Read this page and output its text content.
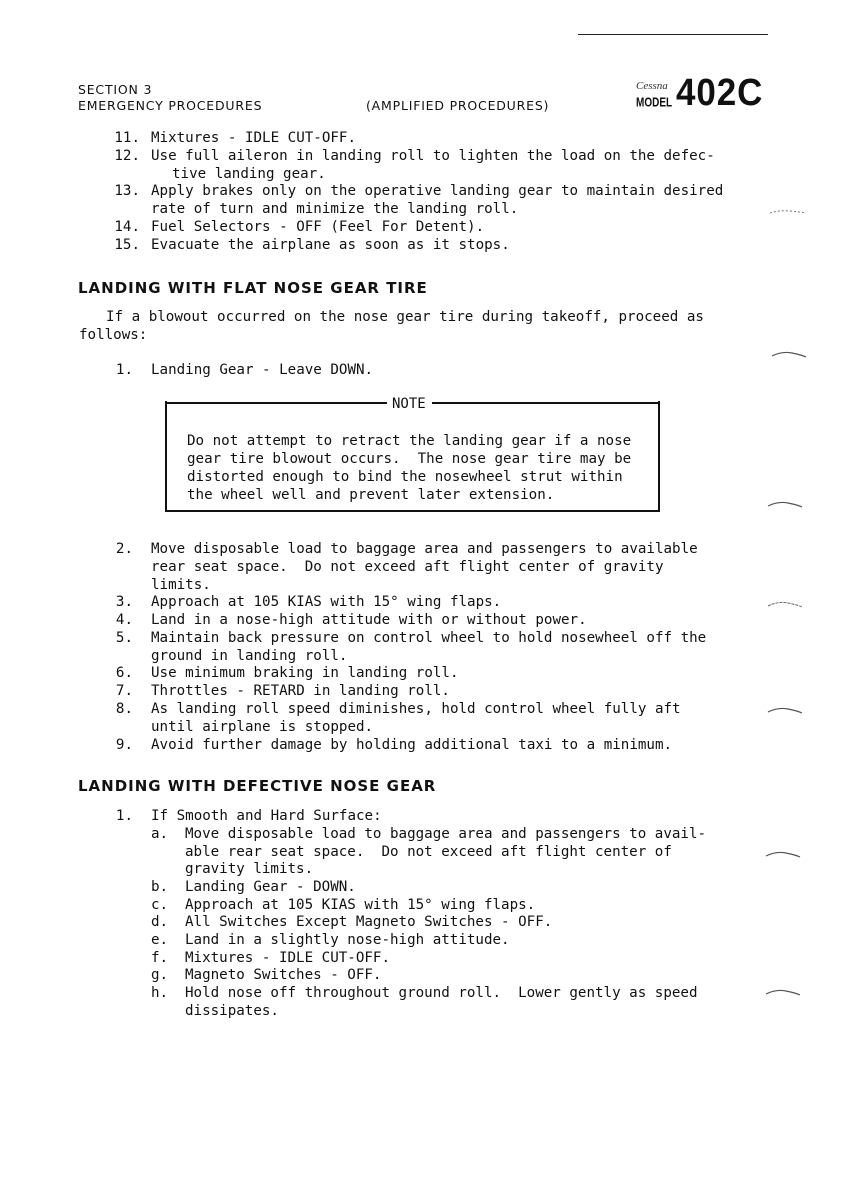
SECTION 3
EMERGENCY PROCEDURES	(AMPLIFIED PROCEDURES)
Cessna
MODEL 402C
11. Mixtures - IDLE CUT-OFF.
12. Use full aileron in landing roll to lighten the load on the defec-
tive landing gear.
13. Apply brakes only on the operative landing gear to maintain desired
rate of turn and minimize the landing roll.
14. Fuel Selectors - OFF (Feel For Detent).
15. Evacuate the airplane as soon as it stops.
LANDING WITH FLAT NOSE GEAR TIRE
If a blowout occurred on the nose gear tire during takeoff, proceed as
follows:
1. Landing Gear - Leave DOWN.
NOTE
Do not attempt to retract the landing gear if a nose
gear tire blowout occurs.  The nose gear tire may be
distorted enough to bind the nosewheel strut within
the wheel well and prevent later extension.
2. Move disposable load to baggage area and passengers to available
rear seat space.  Do not exceed aft flight center of gravity
limits.
3. Approach at 105 KIAS with 15° wing flaps.
4. Land in a nose-high attitude with or without power.
5. Maintain back pressure on control wheel to hold nosewheel off the
ground in landing roll.
6. Use minimum braking in landing roll.
7. Throttles - RETARD in landing roll.
8. As landing roll speed diminishes, hold control wheel fully aft
until airplane is stopped.
9. Avoid further damage by holding additional taxi to a minimum.
LANDING WITH DEFECTIVE NOSE GEAR
1. If Smooth and Hard Surface:
a. Move disposable load to baggage area and passengers to avail-
able rear seat space.  Do not exceed aft flight center of
gravity limits.
b. Landing Gear - DOWN.
c. Approach at 105 KIAS with 15° wing flaps.
d. All Switches Except Magneto Switches - OFF.
e. Land in a slightly nose-high attitude.
f. Mixtures - IDLE CUT-OFF.
g. Magneto Switches - OFF.
h. Hold nose off throughout ground roll.  Lower gently as speed
dissipates.
